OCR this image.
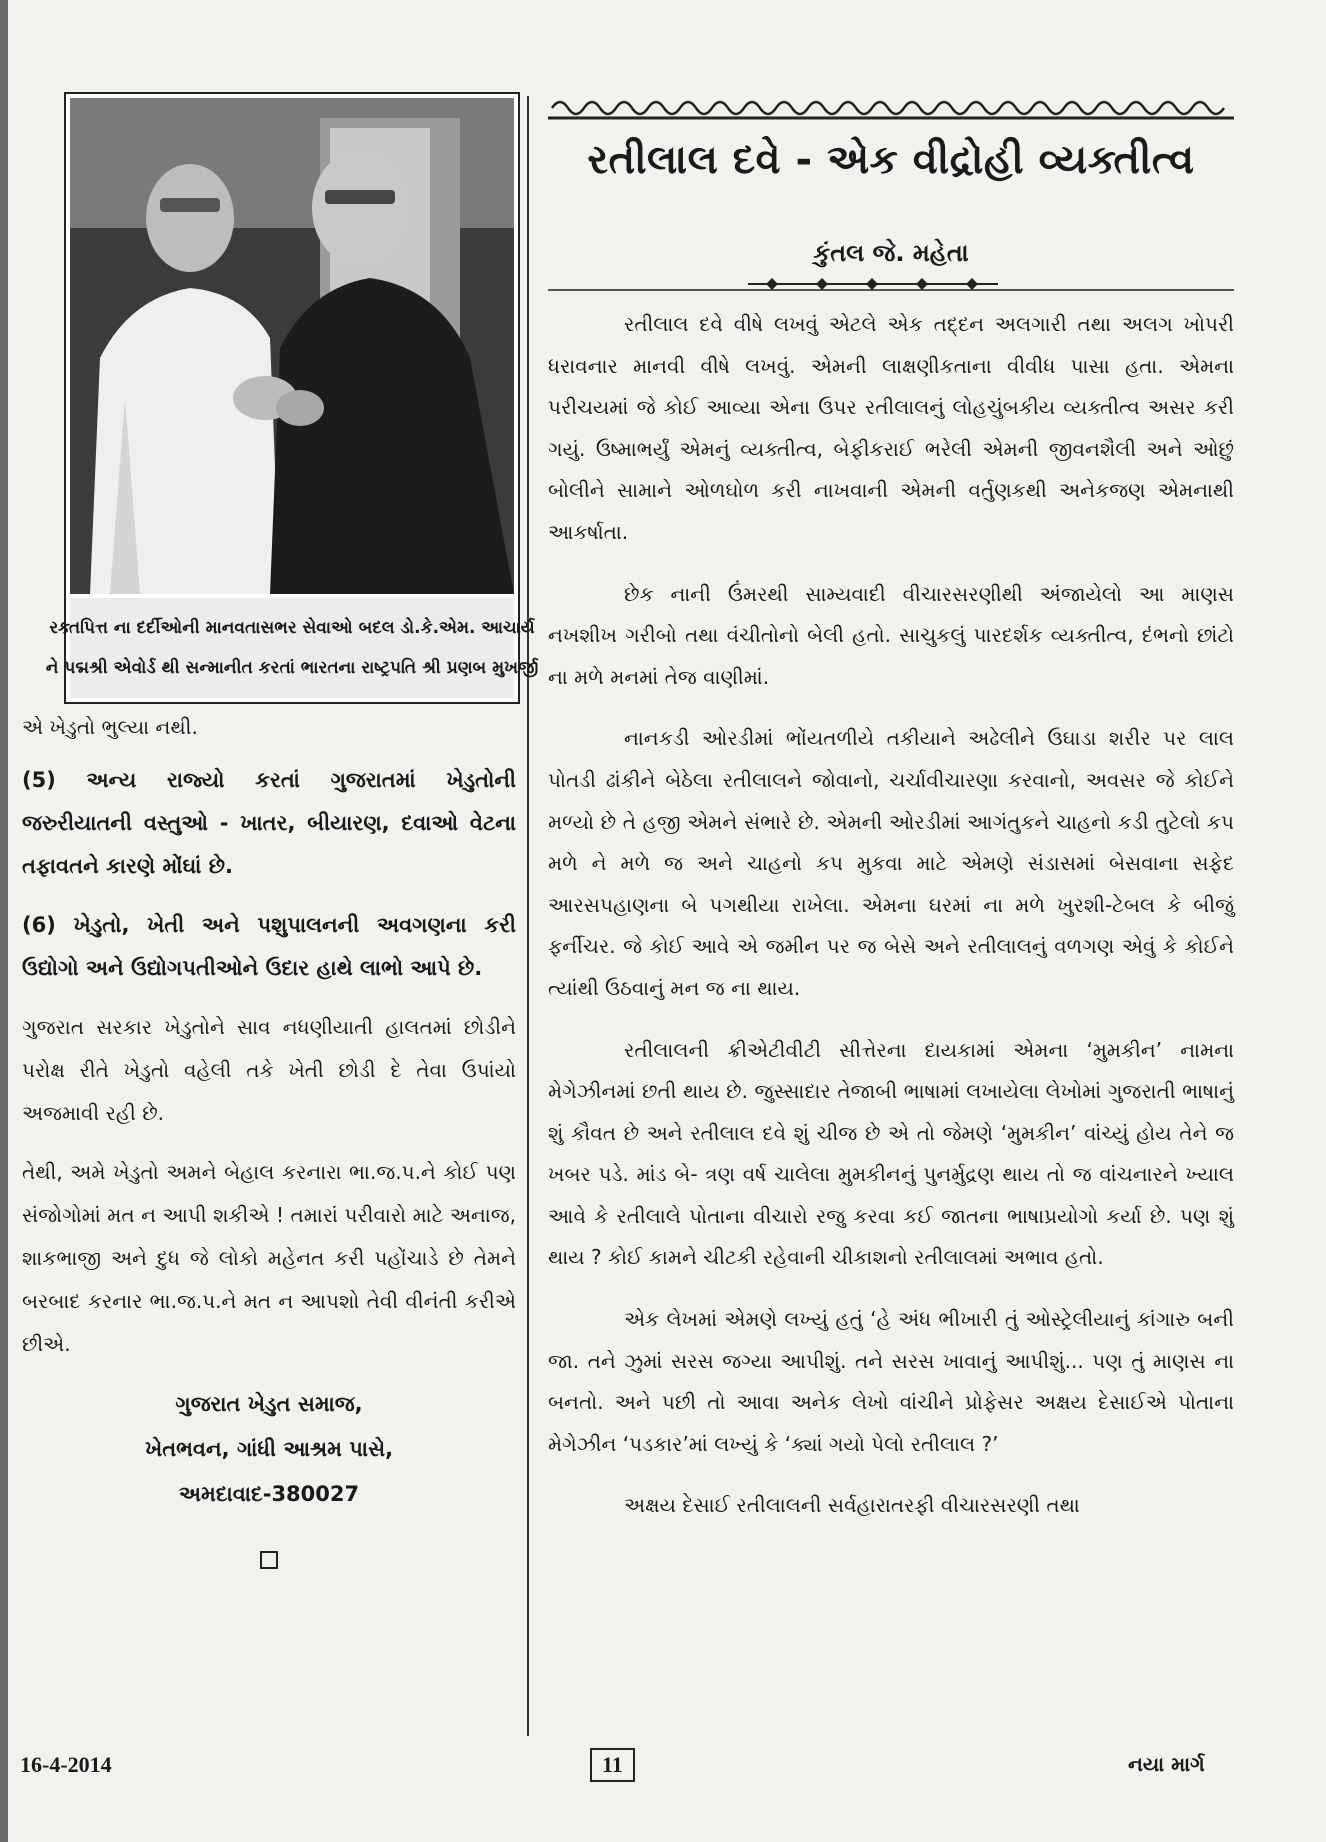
રક્તપિત્ત ના દર્દીઓની માનવતાસભર સેવાઓ બદલ ડો.કે.એમ. આચાર્ય
ને પદ્મશ્રી એવોર્ડ થી સન્માનીત કરતાં ભારતના રાષ્ટ્રપતિ શ્રી પ્રણબ મુખર્જી

એ ખેડુતો ભુલ્યા નથી.

(5) અન્ય રાજ્યો કરતાં ગુજરાતમાં ખેડુતોની જરુરીયાતની વસ્તુઓ - ખાતર, બીયારણ, દવાઓ વેટના તફાવતને કારણે મોંઘાં છે.

(6) ખેડુતો, ખેતી અને પશુપાલનની અવગણના કરી ઉદ્યોગો અને ઉદ્યોગપતીઓને ઉદાર હાથે લાભો આપે છે.

ગુજરાત સરકાર ખેડુતોને સાવ નધણીયાતી હાલતમાં છોડીને પરોક્ષ રીતે ખેડુતો વહેલી તકે ખેતી છોડી દે તેવા ઉપાંયો અજમાવી રહી છે.

તેથી, અમે ખેડુતો અમને બેહાલ કરનારા ભા.જ.પ.ને કોઈ પણ સંજોગોમાં મત ન આપી શકીએ ! તમારાં પરીવારો માટે અનાજ, શાકભાજી અને દુધ જે લોકો મહેનત કરી પહોંચાડે છે તેમને બરબાદ કરનાર ભા.જ.પ.ને મત ન આપશો તેવી વીનંતી કરીએ છીએ.

ગુજરાત ખેડુત સમાજ,
ખેતભવન, ગાંધી આશ્રમ પાસે,
અમદાવાદ-380027
રતીલાલ દવે - એક વીદ્રોહી વ્યક્તીત્વ
કુંતલ જે. મહેતા

રતીલાલ દવે વીષે લખવું એટલે એક તદ્દન અલગારી તથા અલગ ખોપરી ધરાવનાર માનવી વીષે લખવું. એમની લાક્ષણીકતાના વીવીધ પાસા હતા. એમના પરીચયમાં જે કોઈ આવ્યા એના ઉપર રતીલાલનું લોહચુંબકીય વ્યક્તીત્વ અસર કરી ગયું. ઉષ્માભર્યું એમનું વ્યક્તીત્વ, બેફીકરાઈ ભરેલી એમની જીવનશૈલી અને ઓછું બોલીને સામાને ઓળઘોળ કરી નાખવાની એમની વર્તુણકથી અનેકજણ એમનાથી આકર્ષાતા.

છેક નાની ઉંમરથી સામ્યવાદી વીચારસરણીથી અંજાયેલો આ માણસ નખશીખ ગરીબો તથા વંચીતોનો બેલી હતો. સાચુકલું પારદર્શક વ્યક્તીત્વ, દંભનો છાંટો ના મળે મનમાં તેજ વાણીમાં.

નાનકડી ઓરડીમાં ભોંયતળીયે તકીયાને અઢેલીને ઉઘાડા શરીર પર લાલ પોતડી ઢાંકીને બેઠેલા રતીલાલને જોવાનો, ચર્ચાવીચારણા કરવાનો, અવસર જે કોઈને મળ્યો છે તે હજી એમને સંભારે છે. એમની ઓરડીમાં આગંતુકને ચાહનો કડી તુટેલો કપ મળે ને મળે જ અને ચાહનો કપ મુકવા માટે એમણે સંડાસમાં બેસવાના સફેદ આરસપહાણના બે પગથીયા રાખેલા. એમના ઘરમાં ના મળે ખુરશી-ટેબલ કે બીજું ફર્નીચર. જે કોઈ આવે એ જમીન પર જ બેસે અને રતીલાલનું વળગણ એવું કે કોઈને ત્યાંથી ઉઠવાનું મન જ ના થાય.

રતીલાલની ક્રીએટીવીટી સીત્તેરના દાયકામાં એમના ‘મુમકીન’ નામના મેગેઝીનમાં છતી થાય છે. જુસ્સાદાર તેજાબી ભાષામાં લખાયેલા લેખોમાં ગુજરાતી ભાષાનું શું કૌવત છે અને રતીલાલ દવે શું ચીજ છે એ તો જેમણે ‘મુમકીન’ વાંચ્યું હોય તેને જ ખબર પડે. માંડ બે- ત્રણ વર્ષ ચાલેલા મુમકીનનું પુનર્મુદ્રણ થાય તો જ વાંચનારને ખ્યાલ આવે કે રતીલાલે પોતાના વીચારો રજુ કરવા કઈ જાતના ભાષાપ્રયોગો કર્યા છે. પણ શું થાય ? કોઈ કામને ચીટકી રહેવાની ચીકાશનો રતીલાલમાં અભાવ હતો.

એક લેખમાં એમણે લખ્યું હતું ‘હે અંધ ભીખારી તું ઓસ્ટ્રેલીયાનું કાંગારુ બની જા. તને ઝુમાં સરસ જગ્યા આપીશું. તને સરસ ખાવાનું આપીશું... પણ તું માણસ ના બનતો. અને પછી તો આવા અનેક લેખો વાંચીને પ્રોફેસર અક્ષય દેસાઈએ પોતાના મેગેઝીન ‘પડકાર’માં લખ્યું કે ‘ક્યાં ગયો પેલો રતીલાલ ?’

અક્ષય દેસાઈ રતીલાલની સર્વહારાતરફી વીચારસરણી તથા

16-4-2014	11	નયા માર્ગ
